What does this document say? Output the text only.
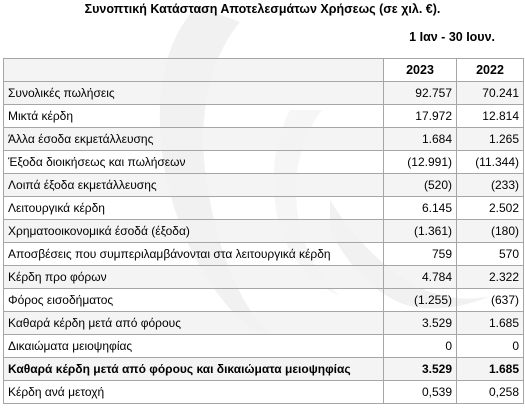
Συνοπτική Κατάσταση Αποτελεσμάτων Χρήσεως (σε χιλ. €).
1 Ιαν - 30 Ιουν.
	2023	2022
Συνολικές πωλήσεις	92.757	70.241
Μικτά κέρδη	17.972	12.814
Άλλα έσοδα εκμετάλλευσης	1.684	1.265
Έξοδα διοικήσεως και πωλήσεων	(12.991)	(11.344)
Λοιπά έξοδα εκμετάλλευσης	(520)	(233)
Λειτουργικά κέρδη	6.145	2.502
Χρηματοοικονομικά έσοδά (έξοδα)	(1.361)	(180)
Αποσβέσεις που συμπεριλαμβάνονται στα λειτουργικά κέρδη	759	570
Κέρδη προ φόρων	4.784	2.322
Φόρος εισοδήματος	(1.255)	(637)
Καθαρά κέρδη μετά από φόρους	3.529	1.685
Δικαιώματα μειοψηφίας	0	0
Καθαρά κέρδη μετά από φόρους και δικαιώματα μειοψηφίας	3.529	1.685
Κέρδη ανά μετοχή	0,539	0,258
